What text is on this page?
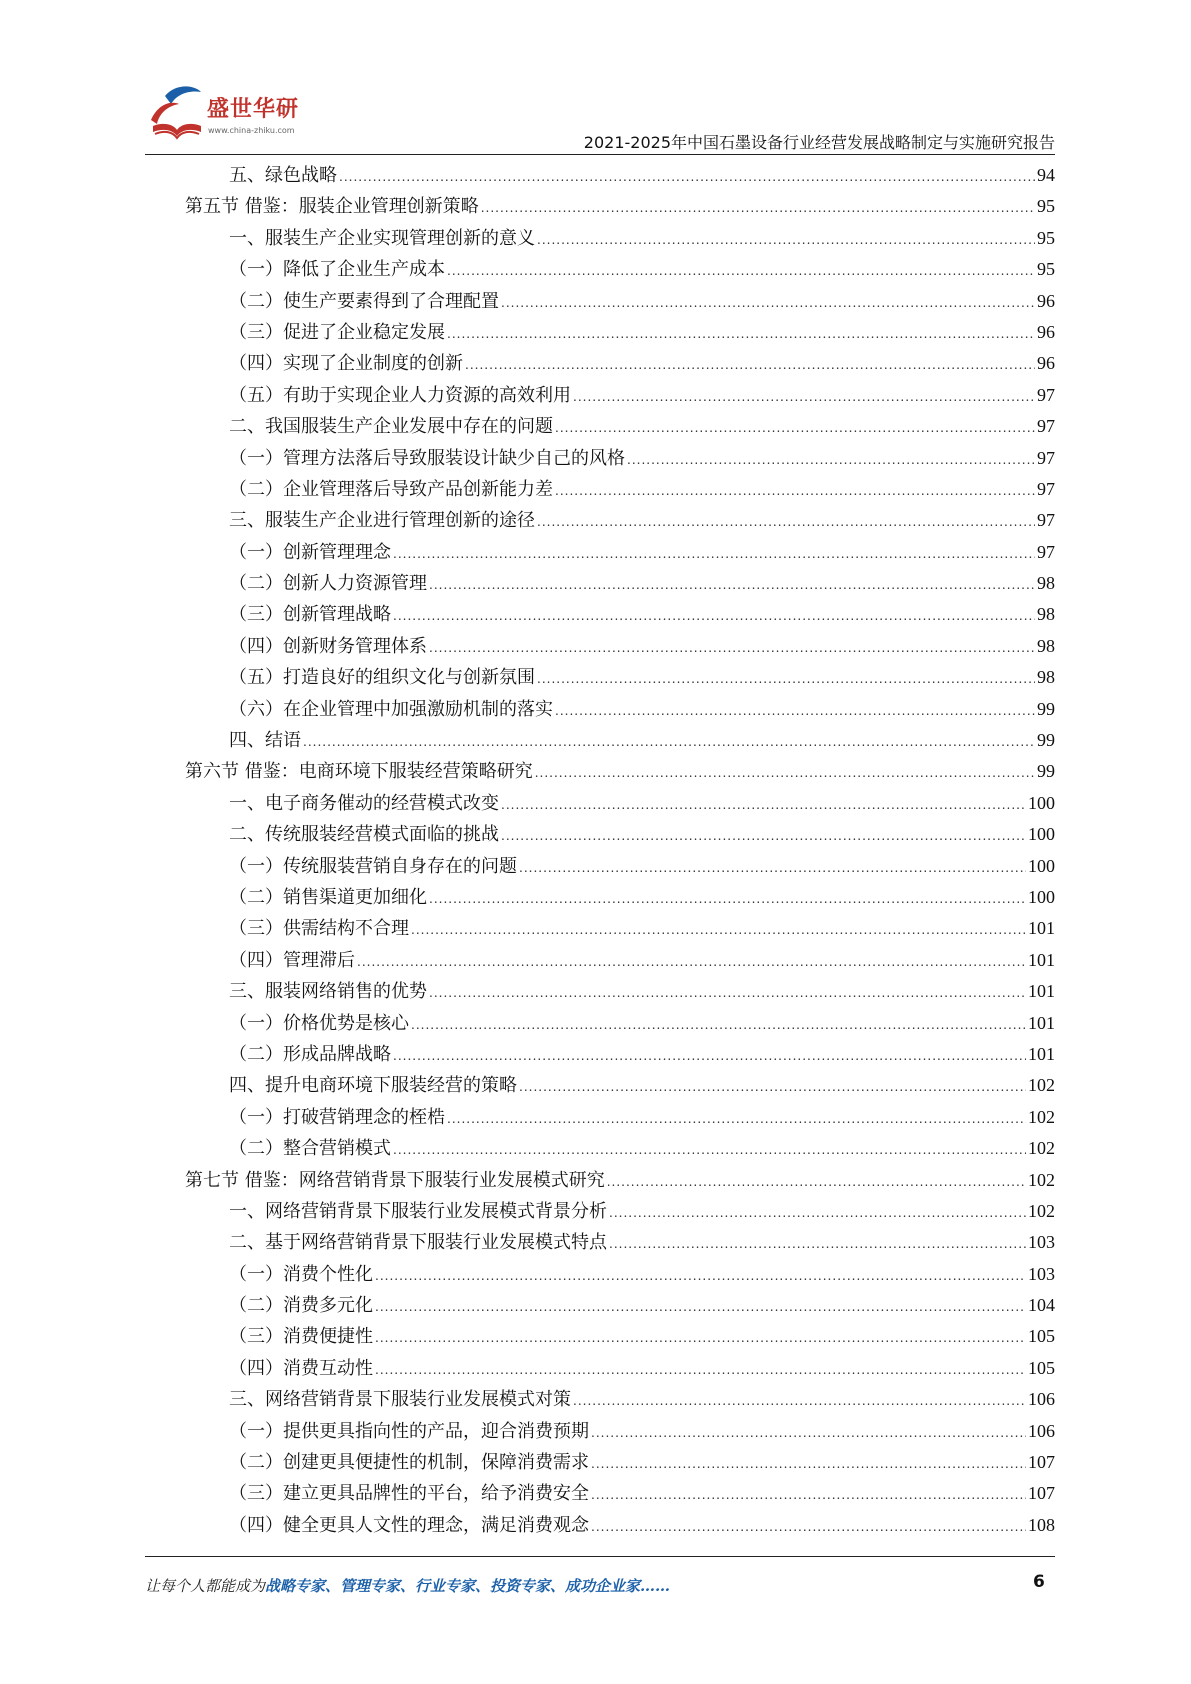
盛世华研
www.china-zhiku.com
2021-2025年中国石墨设备行业经营发展战略制定与实施研究报告
五、绿色战略 .....	94
第五节 借鉴：服装企业管理创新策略 .....	95
一、服装生产企业实现管理创新的意义 .....	95
（一）降低了企业生产成本 .....	95
（二）使生产要素得到了合理配置 .....	96
（三）促进了企业稳定发展 .....	96
（四）实现了企业制度的创新 .....	96
（五）有助于实现企业人力资源的高效利用 .....	97
二、我国服装生产企业发展中存在的问题 .....	97
（一）管理方法落后导致服装设计缺少自己的风格 .....	97
（二）企业管理落后导致产品创新能力差 .....	97
三、服装生产企业进行管理创新的途径 .....	97
（一）创新管理理念 .....	97
（二）创新人力资源管理 .....	98
（三）创新管理战略 .....	98
（四）创新财务管理体系 .....	98
（五）打造良好的组织文化与创新氛围 .....	98
（六）在企业管理中加强激励机制的落实 .....	99
四、结语 .....	99
第六节 借鉴：电商环境下服装经营策略研究 .....	99
一、电子商务催动的经营模式改变 .....	100
二、传统服装经营模式面临的挑战 .....	100
（一）传统服装营销自身存在的问题 .....	100
（二）销售渠道更加细化 .....	100
（三）供需结构不合理 .....	101
（四）管理滞后 .....	101
三、服装网络销售的优势 .....	101
（一）价格优势是核心 .....	101
（二）形成品牌战略 .....	101
四、提升电商环境下服装经营的策略 .....	102
（一）打破营销理念的桎梏 .....	102
（二）整合营销模式 .....	102
第七节 借鉴：网络营销背景下服装行业发展模式研究 .....	102
一、网络营销背景下服装行业发展模式背景分析 .....	102
二、基于网络营销背景下服装行业发展模式特点 .....	103
（一）消费个性化 .....	103
（二）消费多元化 .....	104
（三）消费便捷性 .....	105
（四）消费互动性 .....	105
三、网络营销背景下服装行业发展模式对策 .....	106
（一）提供更具指向性的产品，迎合消费预期 .....	106
（二）创建更具便捷性的机制，保障消费需求 .....	107
（三）建立更具品牌性的平台，给予消费安全 .....	107
（四）健全更具人文性的理念，满足消费观念 .....	108
让每个人都能成为战略专家、管理专家、行业专家、投资专家、成功企业家……	6
